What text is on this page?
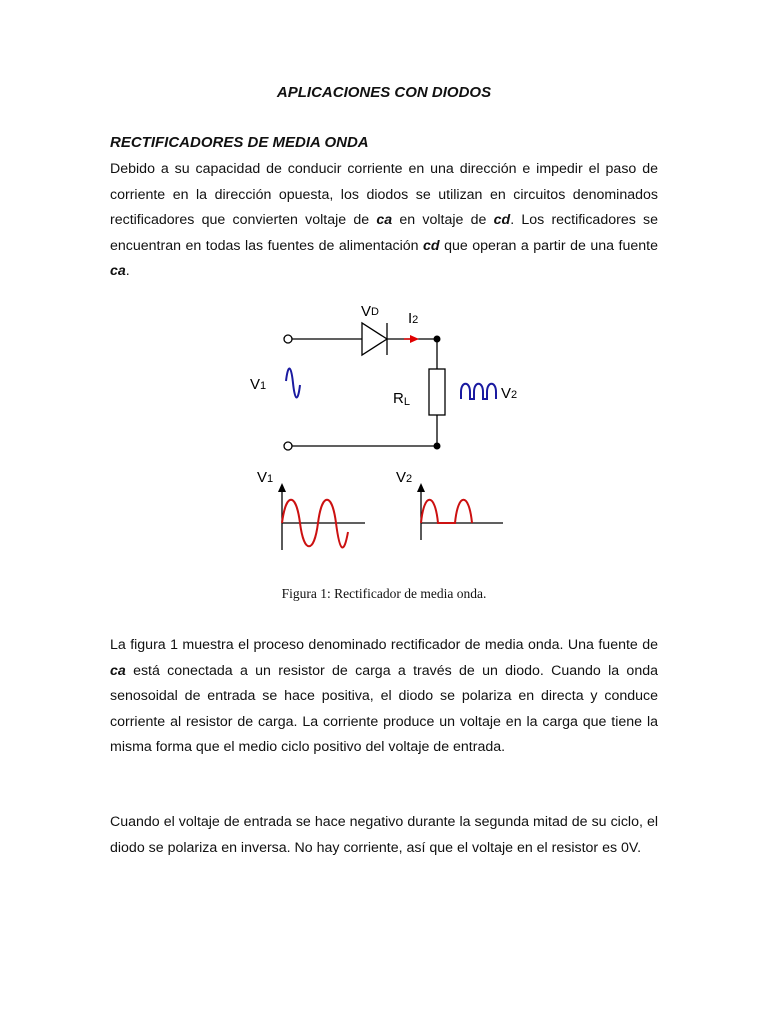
APLICACIONES CON DIODOS
RECTIFICADORES DE MEDIA ONDA

Debido a su capacidad de conducir corriente en una dirección e impedir el paso de corriente en la dirección opuesta, los diodos se utilizan en circuitos denominados rectificadores que convierten voltaje de ca en voltaje de cd. Los rectificadores se encuentran en todas las fuentes de alimentación cd que operan a partir de una fuente ca.

VD I2
RL
V1	V2
V1	V2
Figura 1: Rectificador de media onda.

La figura 1 muestra el proceso denominado rectificador de media onda. Una fuente de ca está conectada a un resistor de carga a través de un diodo. Cuando la onda senosoidal de entrada se hace positiva, el diodo se polariza en directa y conduce corriente al resistor de carga. La corriente produce un voltaje en la carga que tiene la misma forma que el medio ciclo positivo del voltaje de entrada.

Cuando el voltaje de entrada se hace negativo durante la segunda mitad de su ciclo, el diodo se polariza en inversa. No hay corriente, así que el voltaje en el resistor es 0V.
